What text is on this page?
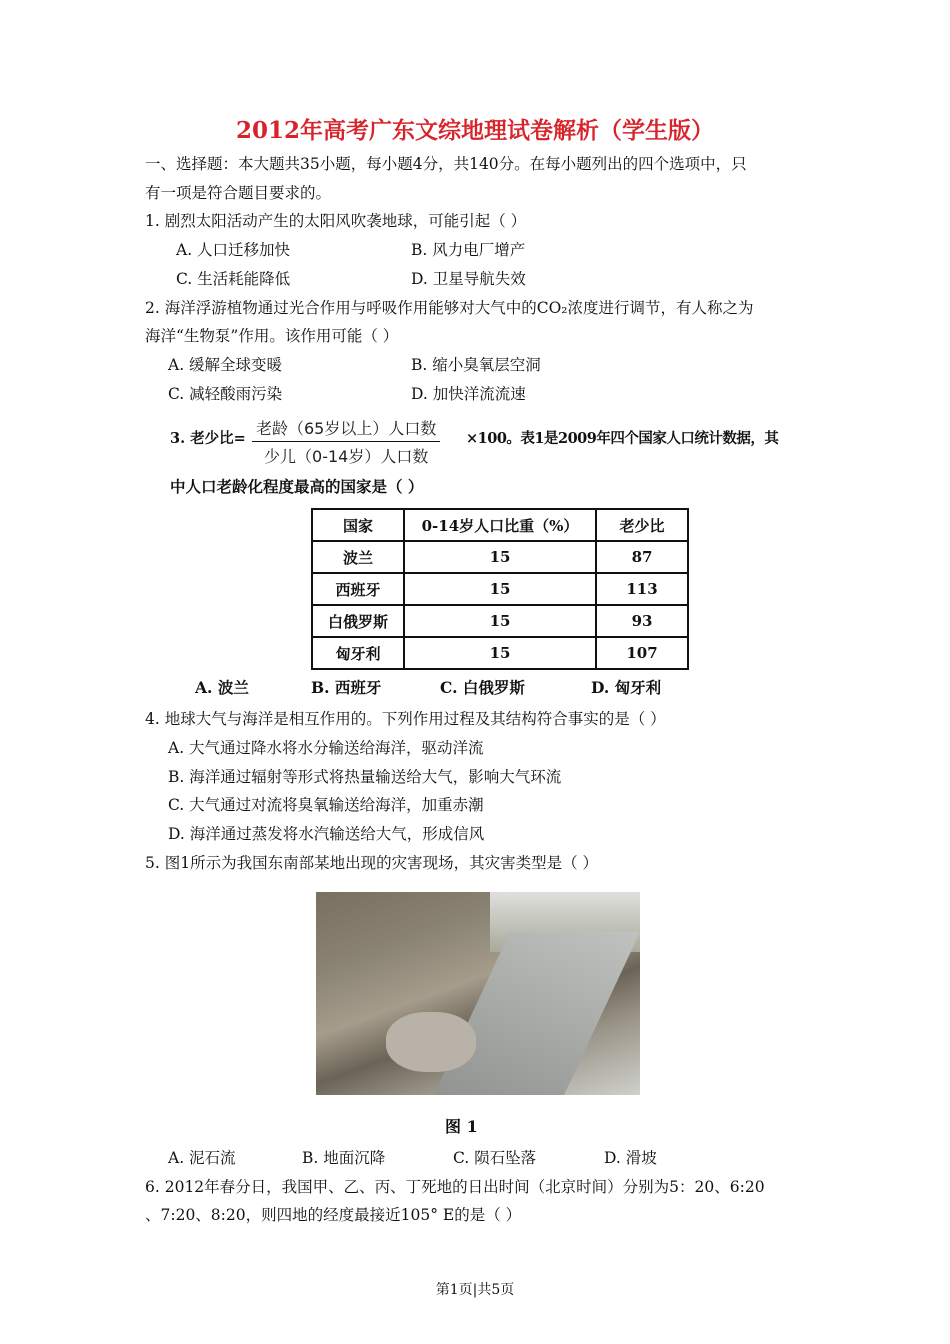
2012年高考广东文综地理试卷解析（学生版）
一、选择题：本大题共35小题，每小题4分，共140分。在每小题列出的四个选项中，只
有一项是符合题目要求的。
1. 剧烈太阳活动产生的太阳风吹袭地球，可能引起（ ）
A. 人口迁移加快	B. 风力电厂增产
C. 生活耗能降低	D. 卫星导航失效
2. 海洋浮游植物通过光合作用与呼吸作用能够对大气中的CO₂浓度进行调节，有人称之为
海洋“生物泵”作用。该作用可能（ ）
A. 缓解全球变暖	B. 缩小臭氧层空洞
C. 减轻酸雨污染	D. 加快洋流流速
3. 老少比=
老龄（65岁以上）人口数
少儿（0-14岁）人口数
×100。表1是2009年四个国家人口统计数据，其
中人口老龄化程度最高的国家是（ ）
国家	0-14岁人口比重（%）	老少比
波兰	15	87
西班牙	15	113
白俄罗斯	15	93
匈牙利	15	107
A. 波兰	B. 西班牙	C. 白俄罗斯	D. 匈牙利
4. 地球大气与海洋是相互作用的。下列作用过程及其结构符合事实的是（ ）
A. 大气通过降水将水分输送给海洋，驱动洋流
B. 海洋通过辐射等形式将热量输送给大气，影响大气环流
C. 大气通过对流将臭氧输送给海洋，加重赤潮
D. 海洋通过蒸发将水汽输送给大气，形成信风
5. 图1所示为我国东南部某地出现的灾害现场，其灾害类型是（ ）
图 1
A. 泥石流	B. 地面沉降	C. 陨石坠落	D. 滑坡
6. 2012年春分日，我国甲、乙、丙、丁死地的日出时间（北京时间）分别为5：20、6:20
、7:20、8:20，则四地的经度最接近105° E的是（ ）
第1页|共5页
